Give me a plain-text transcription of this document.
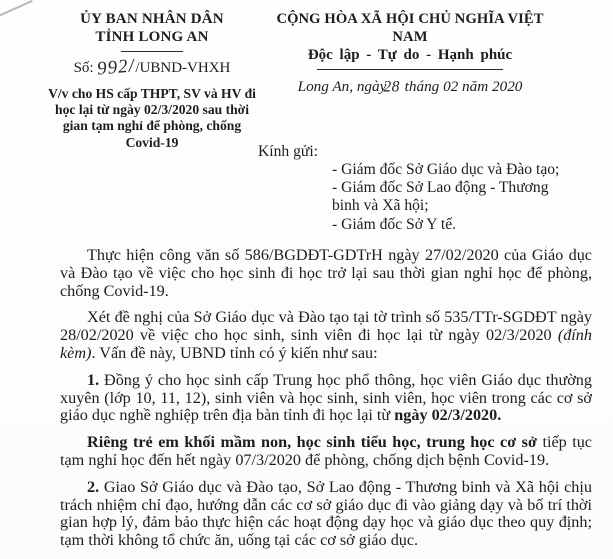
ỦY BAN NHÂN DÂN
TỈNH LONG AN
Số: 992//UBND-VHXH
V/v cho HS cấp THPT, SV và HV đi học lại từ ngày 02/3/2020 sau thời gian tạm nghỉ để phòng, chống Covid-19
CỘNG HÒA XÃ HỘI CHỦ NGHĨA VIỆT NAM
Độc lập - Tự do - Hạnh phúc
Long An, ngày28 tháng 02 năm 2020
Kính gửi:
- Giám đốc Sở Giáo dục và Đào tạo;
- Giám đốc Sở Lao động - Thương binh và Xã hội;
- Giám đốc Sở Y tế.

Thực hiện công văn số 586/BGDĐT-GDTrH ngày 27/02/2020 của Giáo dục và Đào tạo về việc cho học sinh đi học trở lại sau thời gian nghỉ học để phòng, chống Covid-19.

Xét đề nghị của Sở Giáo dục và Đào tạo tại tờ trình số 535/TTr-SGDĐT ngày 28/02/2020 về việc cho học sinh, sinh viên đi học lại từ ngày 02/3/2020 (đính kèm). Vấn đề này, UBND tỉnh có ý kiến như sau:

1. Đồng ý cho học sinh cấp Trung học phổ thông, học viên Giáo dục thường xuyên (lớp 10, 11, 12), sinh viên và học sinh, sinh viên, học viên trong các cơ sở giáo dục nghề nghiệp trên địa bàn tỉnh đi học lại từ ngày 02/3/2020.

Riêng trẻ em khối mầm non, học sinh tiểu học, trung học cơ sở tiếp tục tạm nghỉ học đến hết ngày 07/3/2020 để phòng, chống dịch bệnh Covid-19.

2. Giao Sở Giáo dục và Đào tạo, Sở Lao động - Thương binh và Xã hội chịu trách nhiệm chỉ đạo, hướng dẫn các cơ sở giáo dục đi vào giảng dạy và bố trí thời gian hợp lý, đảm bảo thực hiện các hoạt động dạy học và giáo dục theo quy định; tạm thời không tổ chức ăn, uống tại các cơ sở giáo dục.
